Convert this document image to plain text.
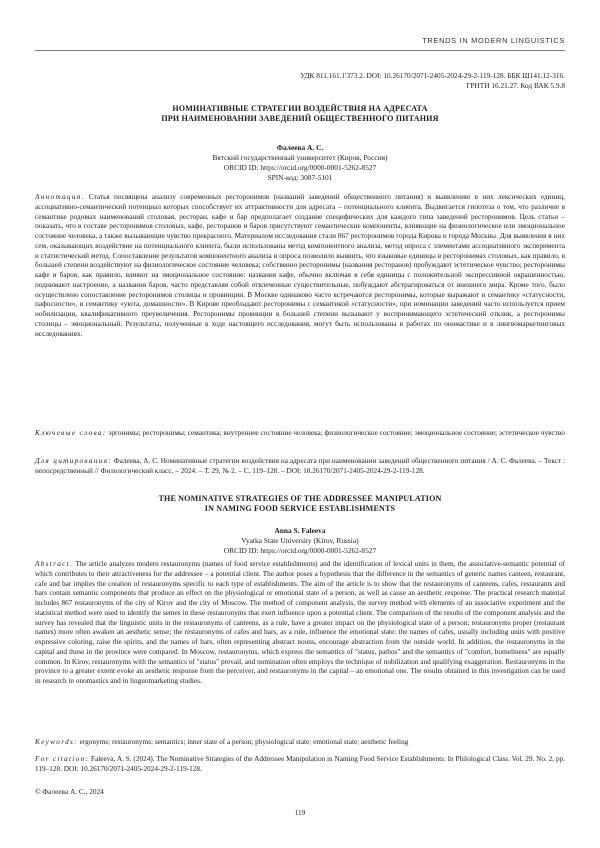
TRENDS IN MODERN LINGUISTICS
УДК 811.161.1'373.2. DOI: 10.26170/2071-2405-2024-29-2-119-128. ББК Ш141.12-316.
ГРНТИ 16.21.27. Код ВАК 5.9.8
НОМИНАТИВНЫЕ СТРАТЕГИИ ВОЗДЕЙСТВИЯ НА АДРЕСАТА
ПРИ НАИМЕНОВАНИИ ЗАВЕДЕНИЙ ОБЩЕСТВЕННОГО ПИТАНИЯ
Фалеева А. С.
Вятский государственный университет (Киров, Россия)
ORCID ID: https://orcid.org/0000-0001-5262-8527
SPIN-код: 3087-5101
Аннотация. Статья посвящена анализу современных ресторонимов (названий заведений общественного питания) и выявлению в них лексических единиц, ассоциативно-семантический потенциал которых способствует их аттрактивности для адресата – потенциального клиента. Выдвигается гипотеза о том, что различие в семантике родовых наименований столовая, ресторан, кафе и бар предполагает создание специфических для каждого типа заведений ресторонимов. Цель статьи – показать, что в составе ресторонимов столовых, кафе, ресторанов и баров присутствуют семантические компоненты, влияющие на физиологическое или эмоциональное состояние человека, а также вызывающие чувство прекрасного. Материалом исследования стали 867 ресторонимов города Кирова и города Москвы. Для выявления в них сем, оказывающих воздействие на потенциального клиента, были использованы метод компонентного анализа, метод опроса с элементами ассоциативного эксперимента и статистический метод. Сопоставление результатов компонентного анализа и опроса позволило выявить, что языковые единицы в ресторонимах столовых, как правило, в большей степени воздействуют на физиологическое состояние человека; собственно ресторонимы (названия ресторанов) пробуждают эстетическое чувство; ресторонимы кафе и баров, как правило, влияют на эмоциональное состояние: названия кафе, обычно включая в себя единицы с положительной экспрессивной окрашенностью, поднимают настроение, а названия баров, часто представляя собой отвлеченные существительные, побуждают абстрагироваться от внешнего мира. Кроме того, было осуществлено сопоставление ресторонимов столицы и провинции. В Москве одинаково часто встречаются ресторонимы, которые выражают и семантику «статусности, пафосности», и семантику «уюта, домашности». В Кирове преобладают ресторонимы с семантикой «статусности», при номинации заведений часто используется прием нобилизации, квалификативного преувеличения. Ресторонимы провинции в большей степени вызывают у воспринимающего эстетический отклик, а ресторонимы столицы – эмоциональный. Результаты, полученные в ходе настоящего исследования, могут быть использованы в работах по ономастике и в лингвомаркетинговых исследованиях.
Ключевые слова: эргонимы; ресторонимы; семантика; внутреннее состояние человека; физиологическое состояние; эмоциональное состояние; эстетическое чувство
Для цитирования: Фалеева, А. С. Номинативные стратегии воздействия на адресата при наименовании заведений общественного питания / А. С. Фалеева. – Текст : непосредственный // Филологический класс. – 2024. – Т. 29, № 2. – С. 119–128. – DOI: 10.26170/2071-2405-2024-29-2-119-128.
THE NOMINATIVE STRATEGIES OF THE ADDRESSEE MANIPULATION
IN NAMING FOOD SERVICE ESTABLISHMENTS
Anna S. Faleeva
Vyatka State University (Kirov, Russia)
ORCID ID: https://orcid.org/0000-0001-5262-8527
Abstract. The article analyzes modern restauronyms (names of food service establishments) and the identification of lexical units in them, the associative-semantic potential of which contributes to their attractiveness for the addressee – a potential client. The author poses a hypothesis that the difference in the semantics of generic names canteen, restaurant, cafe and bar implies the creation of restauronyms specific to each type of establishments. The aim of the article is to show that the restauronyms of canteens, cafes, restaurants and bars contain semantic components that produce an effect on the physiological or emotional state of a person, as well as cause an aesthetic response. The practical research material includes 867 restauronyms of the city of Kirov and the city of Moscow. The method of component analysis, the survey method with elements of an associative experiment and the statistical method were used to identify the semes in these restauronyms that exert influence upon a potential client. The comparison of the results of the component analysis and the survey has revealed that the linguistic units in the restauronyms of canteens, as a rule, have a greater impact on the physiological state of a person; restauronyms proper (restaurant names) more often awaken an aesthetic sense; the restauronyms of cafes and bars, as a rule, influence the emotional state: the names of cafes, usually including units with positive expressive coloring, raise the spirits, and the names of bars, often representing abstract nouns, encourage abstraction from the outside world. In addition, the restauronyms in the capital and those in the province were compared. In Moscow, restauronyms, which express the semantics of "status, pathos" and the semantics of "comfort, homeliness" are equally common. In Kirov, restauronyms with the semantics of "status" prevail, and nomination often employs the technique of nobilization and qualifying exaggeration. Restauronyms in the province to a greater extent evoke an aesthetic response from the perceiver, and restauronyms in the capital – an emotional one. The results obtained in this investigation can be used in research in onomastics and in linguomarketing studies.
Keywords: ergonyms; restauronyms; semantics; inner state of a person; physiological state; emotional state; aesthetic feeling
For citation: Faleeva, A. S. (2024). The Nominative Strategies of the Addressee Manipulation in Naming Food Service Establishments. In Philological Class. Vol. 29. No. 2, pp. 119–128. DOI: 10.26170/2071-2405-2024-29-2-119-128.
© Фалеева А. С., 2024
119
